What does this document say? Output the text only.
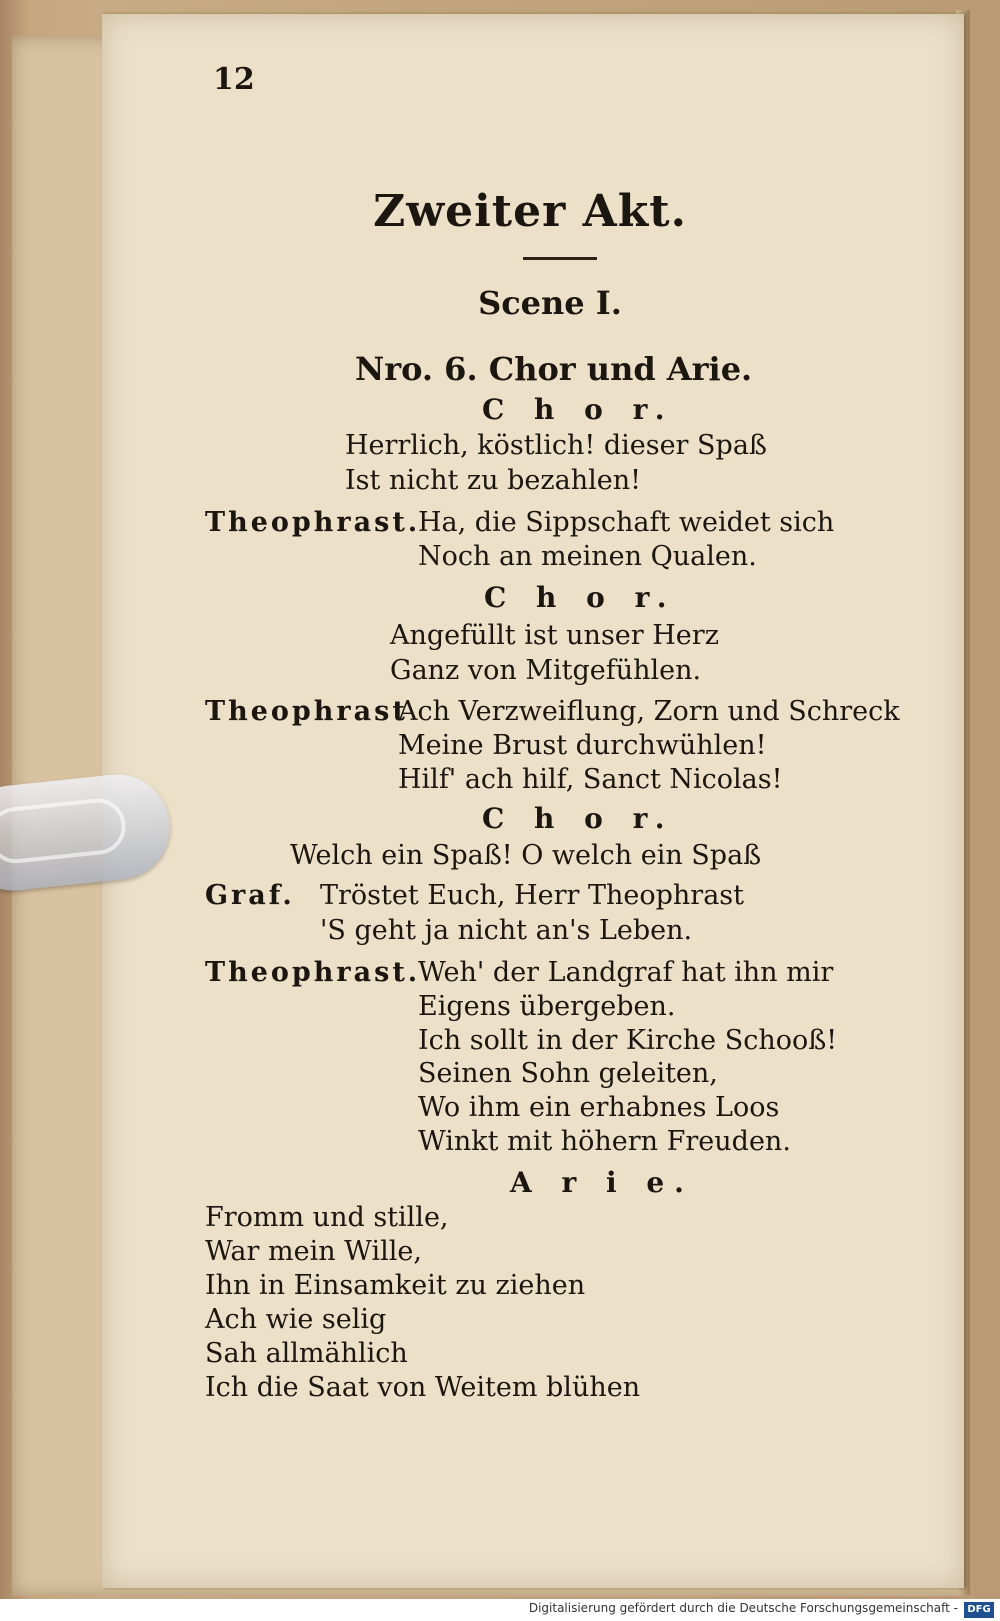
12
Zweiter Akt.
Scene I.
Nro. 6. Chor und Arie.
C h o r.
Herrlich, köstlich! dieser Spaß
Ist nicht zu bezahlen!
Theophrast.
Ha, die Sippschaft weidet sich
Noch an meinen Qualen.
C h o r.
Angefüllt ist unser Herz
Ganz von Mitgefühlen.
Theophrast
Ach Verzweiflung, Zorn und Schreck
Meine Brust durchwühlen!
Hilf' ach hilf, Sanct Nicolas!
C h o r.
Welch ein Spaß! O welch ein Spaß
Graf. Tröstet Euch, Herr Theophrast
'S geht ja nicht an's Leben.
Theophrast.
Weh' der Landgraf hat ihn mir
Eigens übergeben.
Ich sollt in der Kirche Schooß!
Seinen Sohn geleiten,
Wo ihm ein erhabnes Loos
Winkt mit höhern Freuden.
A r i e.
Fromm und stille,
War mein Wille,
Ihn in Einsamkeit zu ziehen
Ach wie selig
Sah allmählich
Ich die Saat von Weitem blühen
Digitalisierung gefördert durch die Deutsche Forschungsgemeinschaft - DFG
